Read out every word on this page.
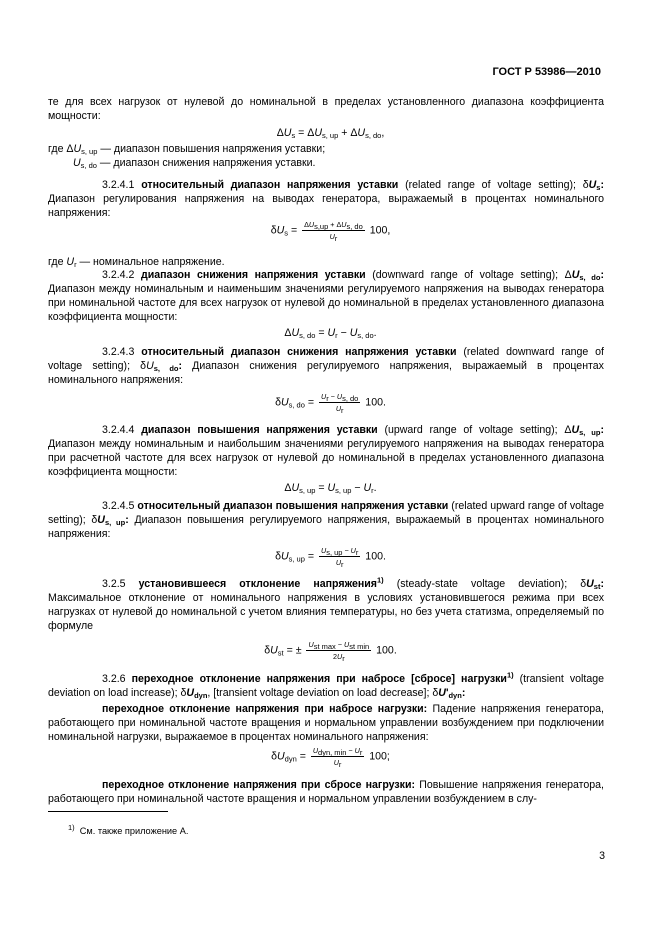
ГОСТ Р 53986—2010
те для всех нагрузок от нулевой до номинальной в пределах установленного диапазона коэффициента мощности:
$\Delta U_s = \Delta U_{s, up} + \Delta U_{s, do}$,
где $\Delta U_{s, up}$ — диапазон повышения напряжения уставки;
$U_{s, do}$ — диапазон снижения напряжения уставки.
3.2.4.1 относительный диапазон напряжения уставки (related range of voltage setting); $\delta U_s$: Диапазон регулирования напряжения на выводах генератора, выражаемый в процентах номинального напряжения:
$\delta U_s = \frac{\Delta U_{s,up} + \Delta U_{s, do}}{U_r} 100$,
где $U_r$ — номинальное напряжение.
3.2.4.2 диапазон снижения напряжения уставки (downward range of voltage setting); $\Delta U_{s, do}$: Диапазон между номинальным и наименьшим значениями регулируемого напряжения на выводах генератора при номинальной частоте для всех нагрузок от нулевой до номинальной в пределах установленного диапазона коэффициента мощности:
$\Delta U_{s, do} = U_r - U_{s, do}$.
3.2.4.3 относительный диапазон снижения напряжения уставки (related downward range of voltage setting); $\delta U_{s, do}$: Диапазон снижения регулируемого напряжения, выражаемый в процентах номинального напряжения:
$\delta U_{s, do} = \frac{U_r - U_{s, do}}{U_r} 100$.
3.2.4.4 диапазон повышения напряжения уставки (upward range of voltage setting); $\Delta U_{s, up}$: Диапазон между номинальным и наибольшим значениями регулируемого напряжения на выводах генератора при расчетной частоте для всех нагрузок от нулевой до номинальной в пределах установленного диапазона коэффициента мощности:
$\Delta U_{s, up} = U_{s, up} - U_r$.
3.2.4.5 относительный диапазон повышения напряжения уставки (related upward range of voltage setting); $\delta U_{s, up}$: Диапазон повышения регулируемого напряжения, выражаемый в процентах номинального напряжения:
$\delta U_{s, up} = \frac{U_{s, up} - U_r}{U_r} 100$.
3.2.5 установившееся отклонение напряжения$^{1)}$ (steady-state voltage deviation); $\delta U_{st}$: Максимальное отклонение от номинального напряжения в условиях установившегося режима при всех нагрузках от нулевой до номинальной с учетом влияния температуры, но без учета статизма, определяемый по формуле
$\delta U_{st}$ = ± $\frac{U_{st max} - U_{st min}}{2U_r} 100$.
3.2.6 переходное отклонение напряжения при набросе [сбросе] нагрузки$^{1)}$ (transient voltage deviation on load increase); $\delta U_{dyn}$, [transient voltage deviation on load decrease]; $\delta U'_{dyn}$:
переходное отклонение напряжения при набросе нагрузки: Падение напряжения генератора, работающего при номинальной частоте вращения и нормальном управлении возбуждением при подключении номинальной нагрузки, выражаемое в процентах номинального напряжения:
$\delta U_{dyn} = \frac{U_{dyn, min} - U_r}{U_r} 100$;
переходное отклонение напряжения при сбросе нагрузки: Повышение напряжения генератора, работающего при номинальной частоте вращения и нормальном управлении возбуждением в слу-
$^{1)}$ См. также приложение А.
3
